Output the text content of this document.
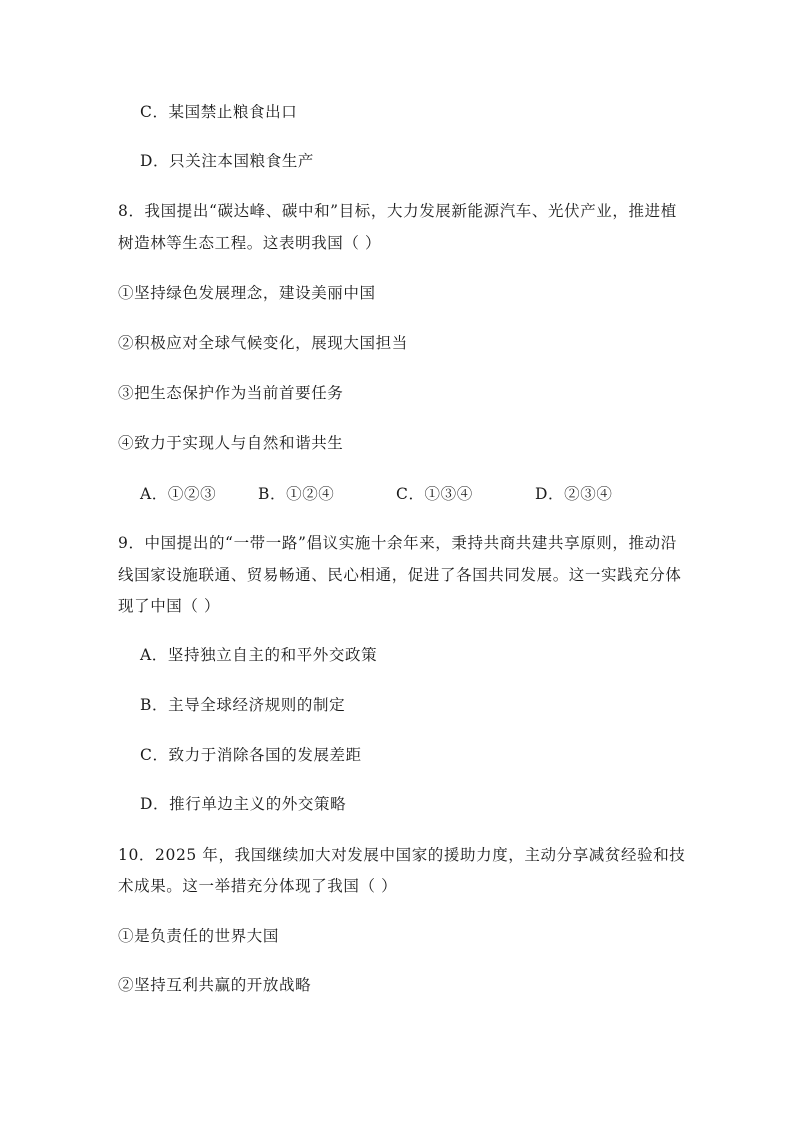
C．某国禁止粮食出口
D．只关注本国粮食生产
8．我国提出“碳达峰、碳中和”目标，大力发展新能源汽车、光伏产业，推进植
树造林等生态工程。这表明我国（ ）
①坚持绿色发展理念，建设美丽中国
②积极应对全球气候变化，展现大国担当
③把生态保护作为当前首要任务
④致力于实现人与自然和谐共生
A．①②③	B．①②④	C．①③④	D．②③④
9．中国提出的“一带一路”倡议实施十余年来，秉持共商共建共享原则，推动沿
线国家设施联通、贸易畅通、民心相通，促进了各国共同发展。这一实践充分体
现了中国（ ）
A．坚持独立自主的和平外交政策
B．主导全球经济规则的制定
C．致力于消除各国的发展差距
D．推行单边主义的外交策略
10．2025 年，我国继续加大对发展中国家的援助力度，主动分享减贫经验和技
术成果。这一举措充分体现了我国（ ）
①是负责任的世界大国
②坚持互利共赢的开放战略
